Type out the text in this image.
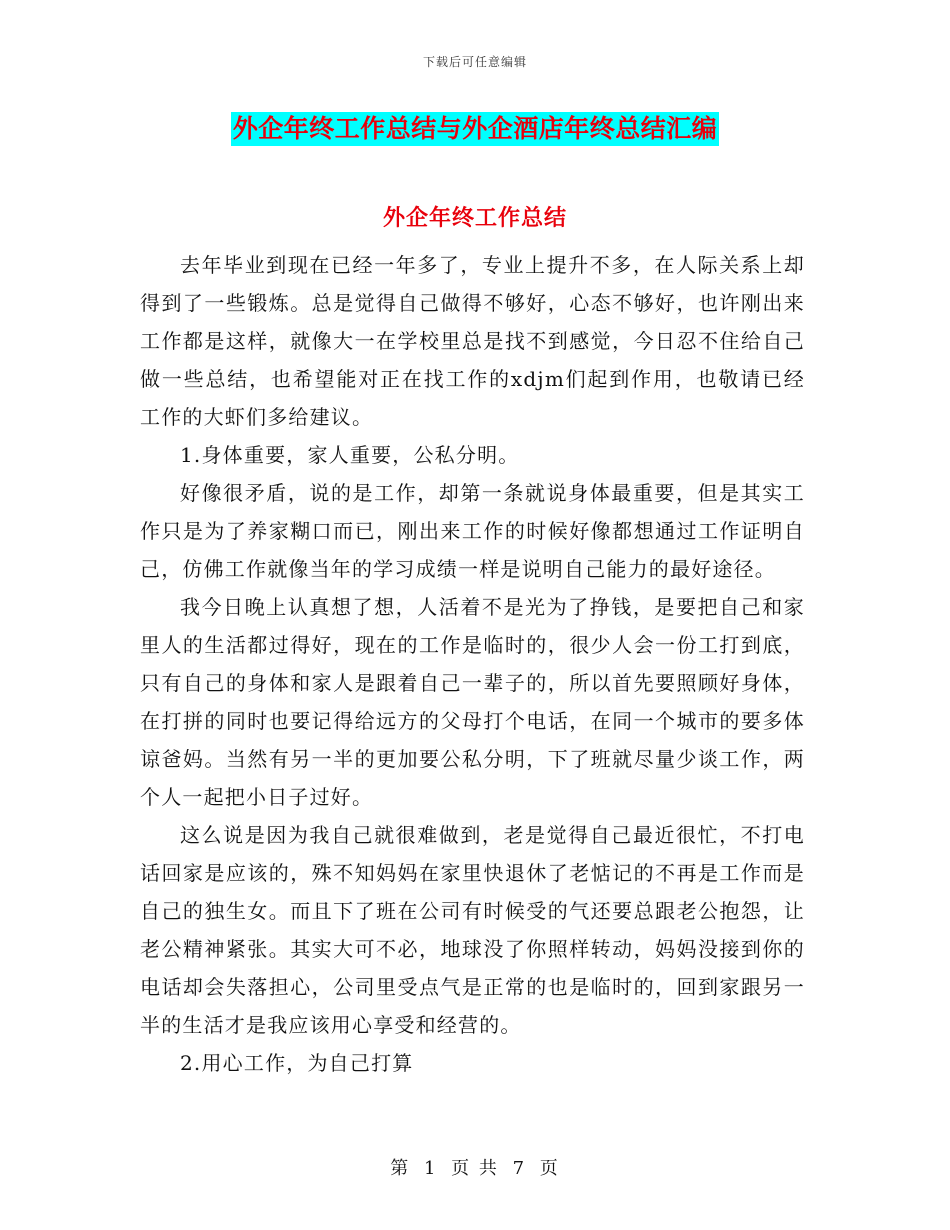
下载后可任意编辑
外企年终工作总结与外企酒店年终总结汇编
外企年终工作总结

去年毕业到现在已经一年多了，专业上提升不多，在人际关系上却得到了一些锻炼。总是觉得自己做得不够好，心态不够好，也许刚出来工作都是这样，就像大一在学校里总是找不到感觉，今日忍不住给自己做一些总结，也希望能对正在找工作的xdjm们起到作用，也敬请已经工作的大虾们多给建议。

1.身体重要，家人重要，公私分明。

好像很矛盾，说的是工作，却第一条就说身体最重要，但是其实工作只是为了养家糊口而已，刚出来工作的时候好像都想通过工作证明自己，仿佛工作就像当年的学习成绩一样是说明自己能力的最好途径。

我今日晚上认真想了想，人活着不是光为了挣钱，是要把自己和家里人的生活都过得好，现在的工作是临时的，很少人会一份工打到底，只有自己的身体和家人是跟着自己一辈子的，所以首先要照顾好身体，在打拼的同时也要记得给远方的父母打个电话，在同一个城市的要多体谅爸妈。当然有另一半的更加要公私分明，下了班就尽量少谈工作，两个人一起把小日子过好。

这么说是因为我自己就很难做到，老是觉得自己最近很忙，不打电话回家是应该的，殊不知妈妈在家里快退休了老惦记的不再是工作而是自己的独生女。而且下了班在公司有时候受的气还要总跟老公抱怨，让老公精神紧张。其实大可不必，地球没了你照样转动，妈妈没接到你的电话却会失落担心，公司里受点气是正常的也是临时的，回到家跟另一半的生活才是我应该用心享受和经营的。

2.用心工作，为自己打算

第 1 页 共 7 页
